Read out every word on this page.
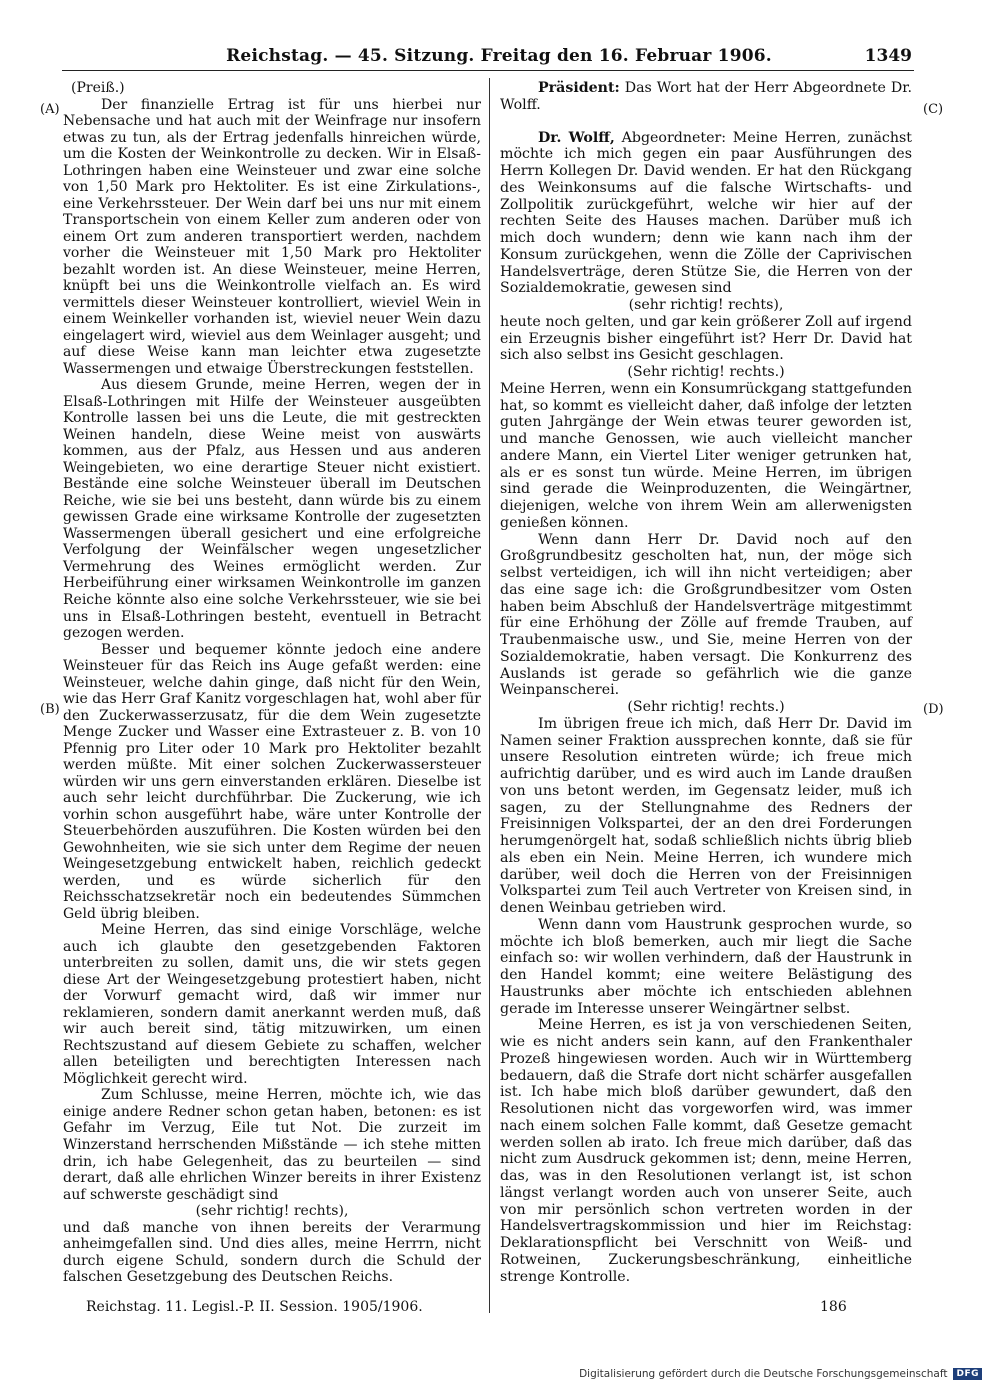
Reichstag. — 45. Sitzung. Freitag den 16. Februar 1906.	1349
(A)
(B)
(C)
(D)

(Preiß.)

Der finanzielle Ertrag ist für uns hierbei nur Nebensache und hat auch mit der Weinfrage nur insofern etwas zu tun, als der Ertrag jedenfalls hinreichen würde, um die Kosten der Weinkontrolle zu decken. Wir in Elsaß-Lothringen haben eine Weinsteuer und zwar eine solche von 1,50 Mark pro Hektoliter. Es ist eine Zirkulations-, eine Verkehrssteuer. Der Wein darf bei uns nur mit einem Transportschein von einem Keller zum anderen oder von einem Ort zum anderen transportiert werden, nachdem vorher die Weinsteuer mit 1,50 Mark pro Hektoliter bezahlt worden ist. An diese Weinsteuer, meine Herren, knüpft bei uns die Weinkontrolle vielfach an. Es wird vermittels dieser Weinsteuer kontrolliert, wieviel Wein in einem Weinkeller vorhanden ist, wieviel neuer Wein dazu eingelagert wird, wieviel aus dem Weinlager ausgeht; und auf diese Weise kann man leichter etwa zugesetzte Wassermengen und etwaige Überstreckungen feststellen.

Aus diesem Grunde, meine Herren, wegen der in Elsaß-Lothringen mit Hilfe der Weinsteuer ausgeübten Kontrolle lassen bei uns die Leute, die mit gestreckten Weinen handeln, diese Weine meist von auswärts kommen, aus der Pfalz, aus Hessen und aus anderen Weingebieten, wo eine derartige Steuer nicht existiert. Bestände eine solche Weinsteuer überall im Deutschen Reiche, wie sie bei uns besteht, dann würde bis zu einem gewissen Grade eine wirksame Kontrolle der zugesetzten Wassermengen überall gesichert und eine erfolgreiche Verfolgung der Weinfälscher wegen ungesetzlicher Vermehrung des Weines ermöglicht werden. Zur Herbeiführung einer wirksamen Weinkontrolle im ganzen Reiche könnte also eine solche Verkehrssteuer, wie sie bei uns in Elsaß-Lothringen besteht, eventuell in Betracht gezogen werden.

Besser und bequemer könnte jedoch eine andere Weinsteuer für das Reich ins Auge gefaßt werden: eine Weinsteuer, welche dahin ginge, daß nicht für den Wein, wie das Herr Graf Kanitz vorgeschlagen hat, wohl aber für den Zuckerwasserzusatz, für die dem Wein zugesetzte Menge Zucker und Wasser eine Extrasteuer z. B. von 10 Pfennig pro Liter oder 10 Mark pro Hektoliter bezahlt werden müßte. Mit einer solchen Zuckerwassersteuer würden wir uns gern einverstanden erklären. Dieselbe ist auch sehr leicht durchführbar. Die Zuckerung, wie ich vorhin schon ausgeführt habe, wäre unter Kontrolle der Steuerbehörden auszuführen. Die Kosten würden bei den Gewohnheiten, wie sie sich unter dem Regime der neuen Weingesetzgebung entwickelt haben, reichlich gedeckt werden, und es würde sicherlich für den Reichsschatzsekretär noch ein bedeutendes Sümmchen Geld übrig bleiben.

Meine Herren, das sind einige Vorschläge, welche auch ich glaubte den gesetzgebenden Faktoren unterbreiten zu sollen, damit uns, die wir stets gegen diese Art der Weingesetzgebung protestiert haben, nicht der Vorwurf gemacht wird, daß wir immer nur reklamieren, sondern damit anerkannt werden muß, daß wir auch bereit sind, tätig mitzuwirken, um einen Rechtszustand auf diesem Gebiete zu schaffen, welcher allen beteiligten und berechtigten Interessen nach Möglichkeit gerecht wird.

Zum Schlusse, meine Herren, möchte ich, wie das einige andere Redner schon getan haben, betonen: es ist Gefahr im Verzug, Eile tut Not. Die zurzeit im Winzerstand herrschenden Mißstände — ich stehe mitten drin, ich habe Gelegenheit, das zu beurteilen — sind derart, daß alle ehrlichen Winzer bereits in ihrer Existenz auf schwerste geschädigt sind

(sehr richtig! rechts),

und daß manche von ihnen bereits der Verarmung anheimgefallen sind. Und dies alles, meine Herrrn, nicht durch eigene Schuld, sondern durch die Schuld der falschen Gesetzgebung des Deutschen Reichs.

Präsident: Das Wort hat der Herr Abgeordnete Dr. Wolff.

Dr. Wolff, Abgeordneter: Meine Herren, zunächst möchte ich mich gegen ein paar Ausführungen des Herrn Kollegen Dr. David wenden. Er hat den Rückgang des Weinkonsums auf die falsche Wirtschafts- und Zollpolitik zurückgeführt, welche wir hier auf der rechten Seite des Hauses machen. Darüber muß ich mich doch wundern; denn wie kann nach ihm der Konsum zurückgehen, wenn die Zölle der Caprivischen Handelsverträge, deren Stütze Sie, die Herren von der Sozialdemokratie, gewesen sind

(sehr richtig! rechts),

heute noch gelten, und gar kein größerer Zoll auf irgend ein Erzeugnis bisher eingeführt ist? Herr Dr. David hat sich also selbst ins Gesicht geschlagen.

(Sehr richtig! rechts.)

Meine Herren, wenn ein Konsumrückgang stattgefunden hat, so kommt es vielleicht daher, daß infolge der letzten guten Jahrgänge der Wein etwas teurer geworden ist, und manche Genossen, wie auch vielleicht mancher andere Mann, ein Viertel Liter weniger getrunken hat, als er es sonst tun würde. Meine Herren, im übrigen sind gerade die Weinproduzenten, die Weingärtner, diejenigen, welche von ihrem Wein am allerwenigsten genießen können.

Wenn dann Herr Dr. David noch auf den Großgrundbesitz gescholten hat, nun, der möge sich selbst verteidigen, ich will ihn nicht verteidigen; aber das eine sage ich: die Großgrundbesitzer vom Osten haben beim Abschluß der Handelsverträge mitgestimmt für eine Erhöhung der Zölle auf fremde Trauben, auf Traubenmaische usw., und Sie, meine Herren von der Sozialdemokratie, haben versagt. Die Konkurrenz des Auslands ist gerade so gefährlich wie die ganze Weinpanscherei.

(Sehr richtig! rechts.)

Im übrigen freue ich mich, daß Herr Dr. David im Namen seiner Fraktion aussprechen konnte, daß sie für unsere Resolution eintreten würde; ich freue mich aufrichtig darüber, und es wird auch im Lande draußen von uns betont werden, im Gegensatz leider, muß ich sagen, zu der Stellungnahme des Redners der Freisinnigen Volkspartei, der an den drei Forderungen herumgenörgelt hat, sodaß schließlich nichts übrig blieb als eben ein Nein. Meine Herren, ich wundere mich darüber, weil doch die Herren von der Freisinnigen Volkspartei zum Teil auch Vertreter von Kreisen sind, in denen Weinbau getrieben wird.

Wenn dann vom Haustrunk gesprochen wurde, so möchte ich bloß bemerken, auch mir liegt die Sache einfach so: wir wollen verhindern, daß der Haustrunk in den Handel kommt; eine weitere Belästigung des Haustrunks aber möchte ich entschieden ablehnen gerade im Interesse unserer Weingärtner selbst.

Meine Herren, es ist ja von verschiedenen Seiten, wie es nicht anders sein kann, auf den Frankenthaler Prozeß hingewiesen worden. Auch wir in Württemberg bedauern, daß die Strafe dort nicht schärfer ausgefallen ist. Ich habe mich bloß darüber gewundert, daß den Resolutionen nicht das vorgeworfen wird, was immer nach einem solchen Falle kommt, daß Gesetze gemacht werden sollen ab irato. Ich freue mich darüber, daß das nicht zum Ausdruck gekommen ist; denn, meine Herren, das, was in den Resolutionen verlangt ist, ist schon längst verlangt worden auch von unserer Seite, auch von mir persönlich schon vertreten worden in der Handelsvertragskommission und hier im Reichstag: Deklarationspflicht bei Verschnitt von Weiß- und Rotweinen, Zuckerungsbeschränkung, einheitliche strenge Kontrolle.

Reichstag. 11. Legisl.-P. II. Session. 1905/1906.	186
Digitalisierung gefördert durch die Deutsche Forschungsgemeinschaft	DFG
